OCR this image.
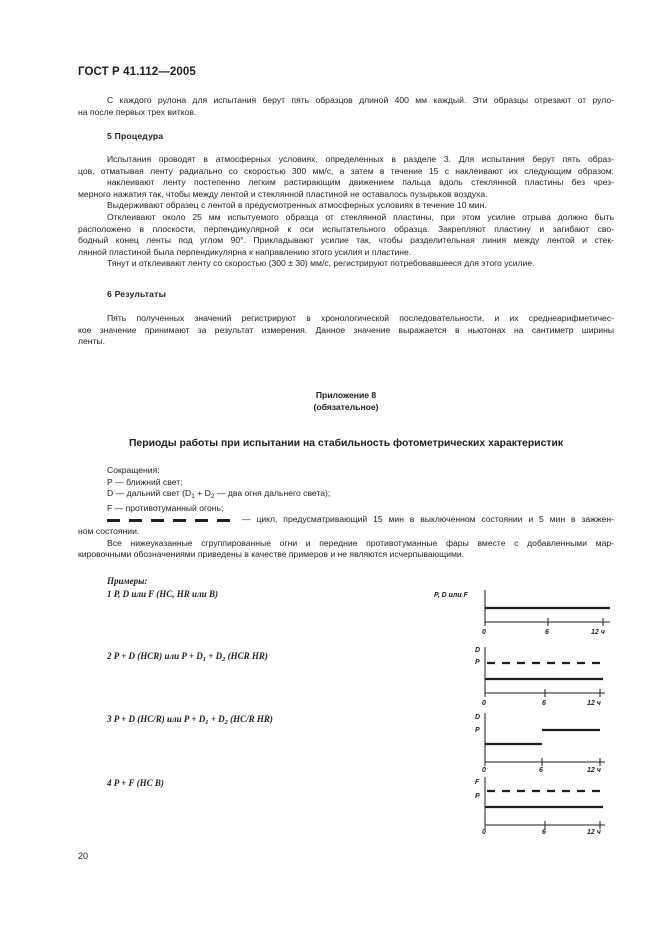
ГОСТ Р 41.112—2005
С каждого рулона для испытания берут пять образцов длиной 400 мм каждый. Эти образцы отрезают от руло-
на после первых трех витков.
5 Процедура
Испытания проводят в атмосферных условиях, определенных в разделе 3. Для испытания берут пять образ-
цов, отматывая ленту радиально со скоростью 300 мм/с, а затем в течение 15 с наклеивают их следующим образом:
наклеивают ленту постепенно легким растирающим движением пальца вдоль стеклянной пластины без чрез-
мерного нажатия так, чтобы между лентой и стеклянной пластиной не оставалось пузырьков воздуха.
Выдерживают образец с лентой в предусмотренных атмосферных условиях в течение 10 мин.
Отклеивают около 25 мм испытуемого образца от стеклянной пластины, при этом усилие отрыва должно быть
расположено в плоскости, перпендикулярной к оси испытательного образца. Закрепляют пластину и загибают сво-
бодный конец ленты под углом 90°. Прикладывают усилие так, чтобы разделительная линия между лентой и стек-
лянной пластиной была перпендикулярна к направлению этого усилия и пластине.
Тянут и отклеивают ленту со скоростью (300 ± 30) мм/с, регистрируют потребовавшееся для этого усилие.
6 Результаты
Пять полученных значений регистрируют в хронологической последовательности, и их среднеарифметичес-
кое значение принимают за результат измерения. Данное значение выражается в ньютонах на сантиметр ширины
ленты.
Приложение 8
(обязательное)
Периоды работы при испытании на стабильность фотометрических характеристик
Сокращения:
Р — ближний свет;
D — дальний свет ($D_1 + D_2$ — два огня дальнего света);
F — противотуманный огонь;
— цикл, предусматривающий 15 мин в выключенном состоянии и 5 мин в зажжен-
ном состоянии.
Все нижеуказанные сгруппированные огни и передние противотуманные фары вместе с добавленными мар-
кировочными обозначениями приведены в качестве примеров и не являются исчерпывающими.
Примеры:
1 P, D или F (HC, HR или B)
2 P + D (HCR) или $P + D_1 + D_2$ (HCR HR)
3 P + D (HC/R) или $P + D_1 + D_2$ (HC/R HR)
4 P + F (HC B)
P, D или F
0	6	12 ч
D
P
0	6	12 ч
D
P
0	6	12 ч
F
P
0	6	12 ч
20
